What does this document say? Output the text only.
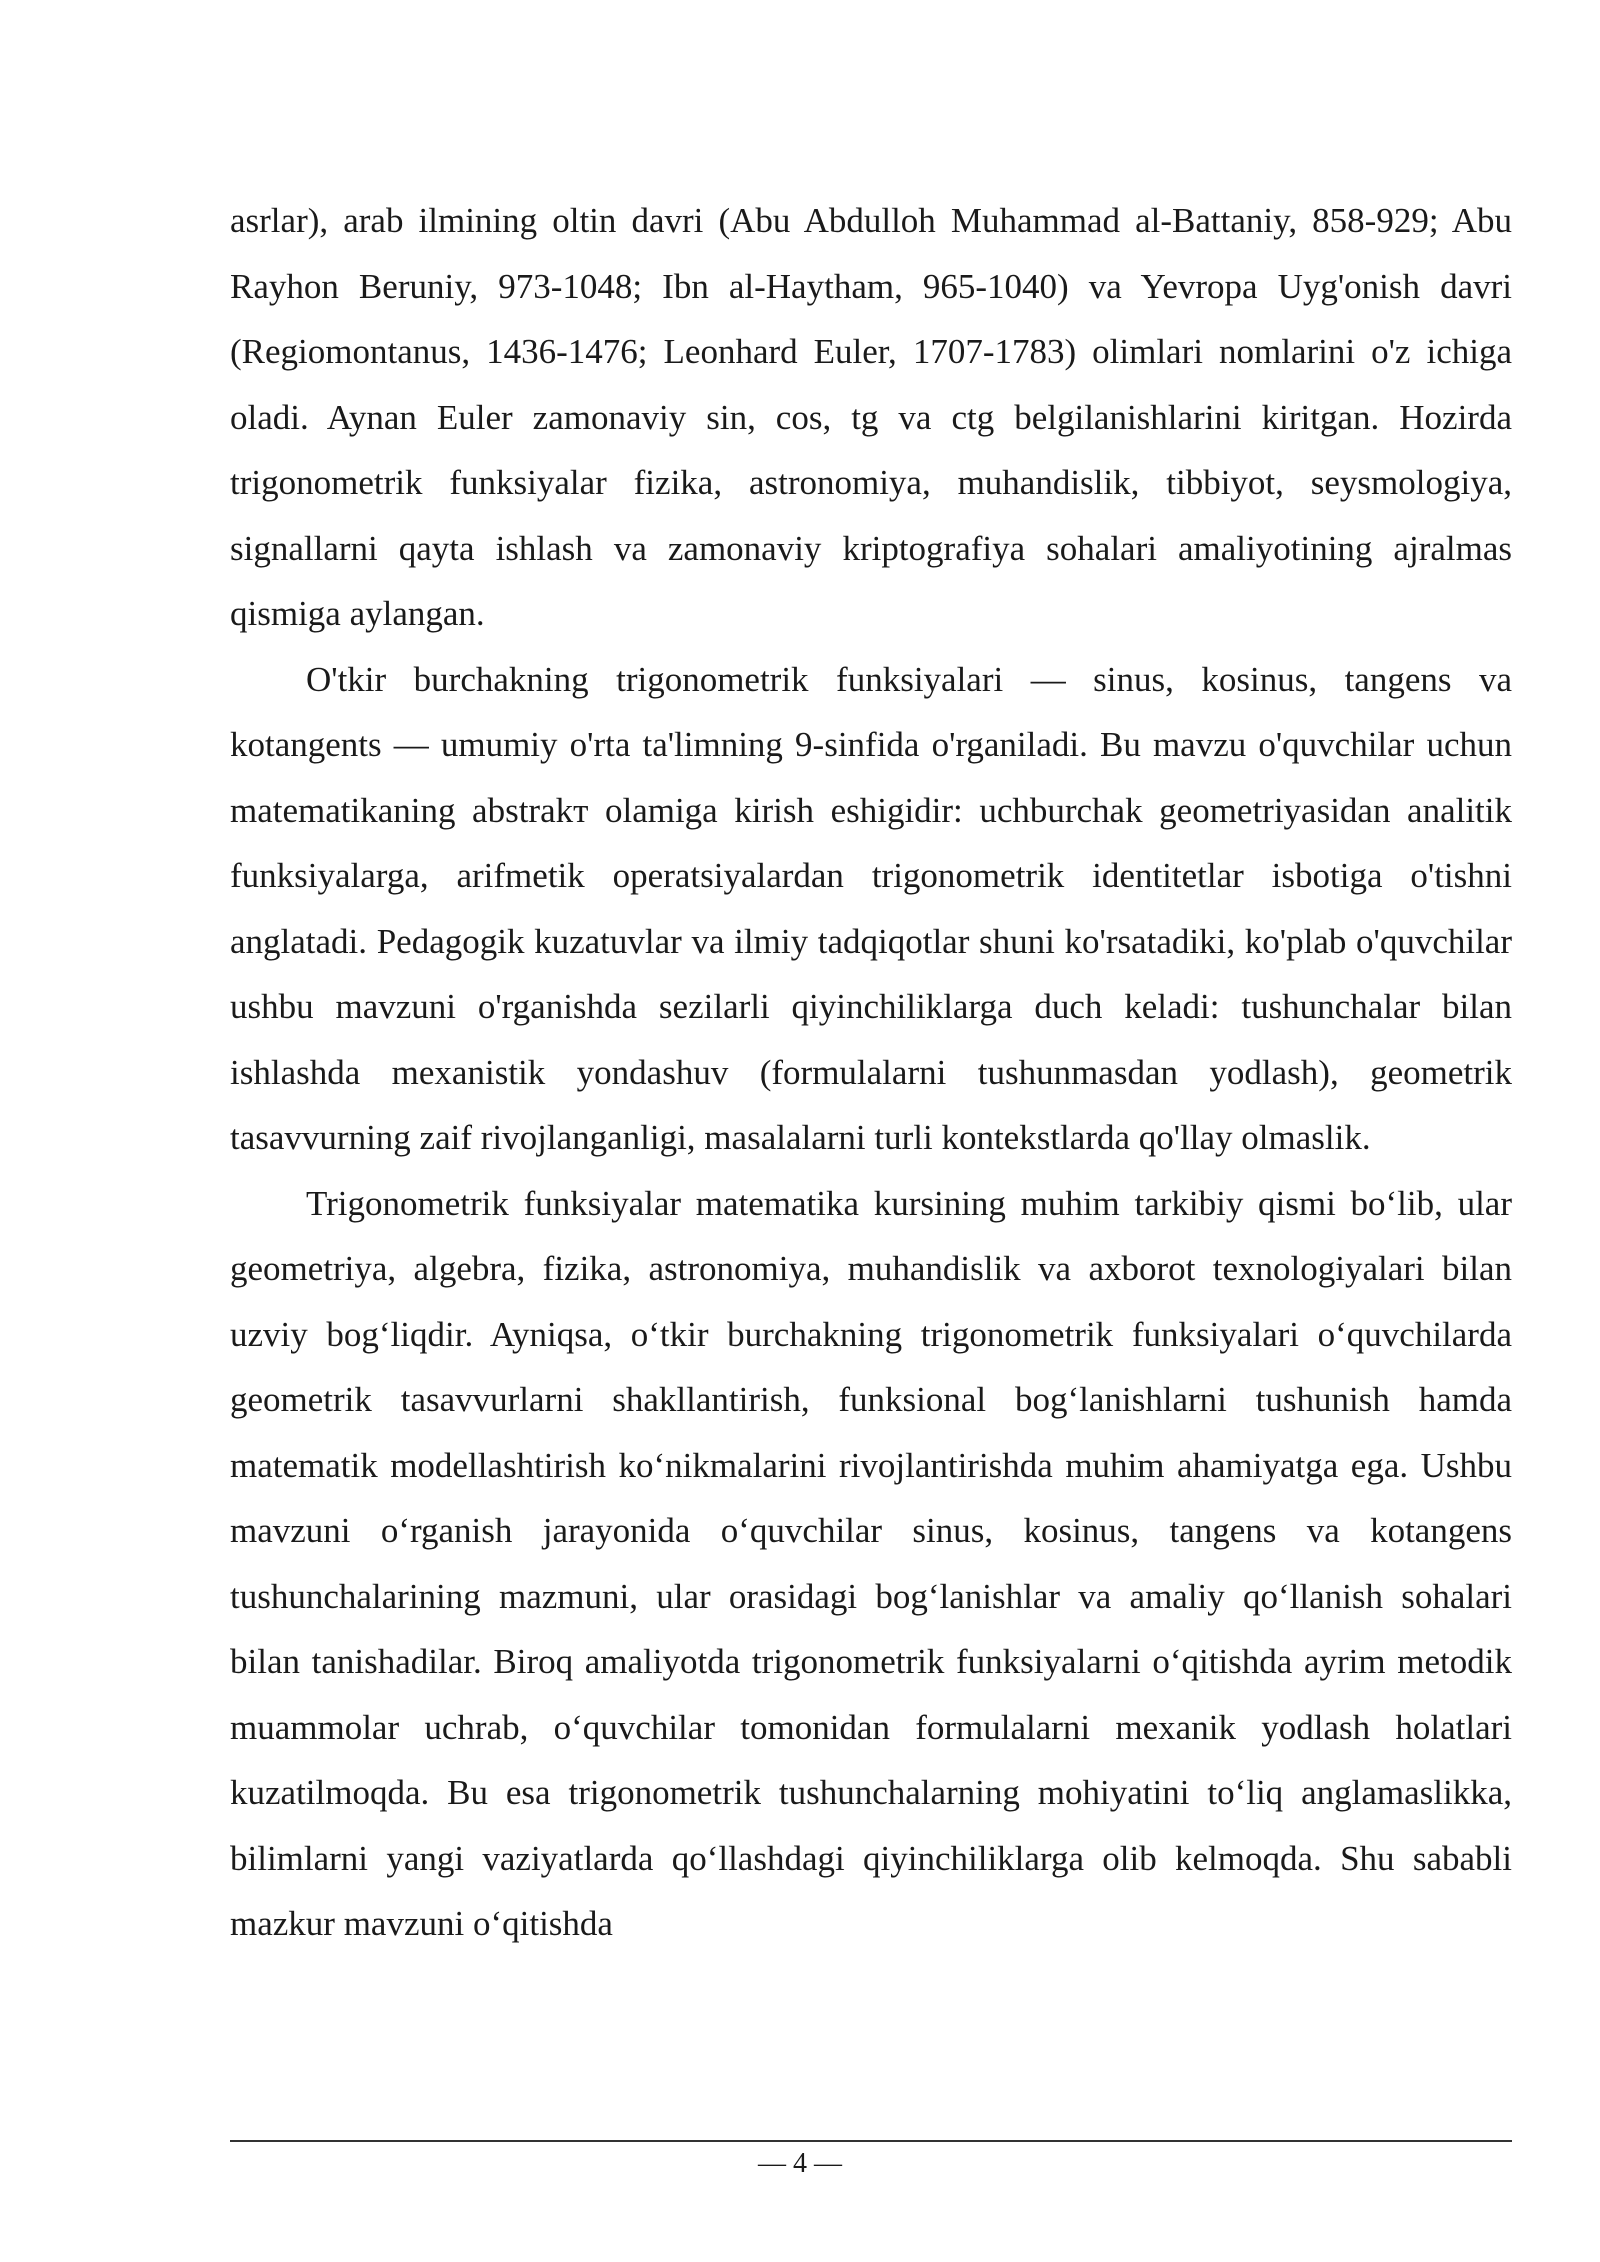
asrlar), arab ilmining oltin davri (Abu Abdulloh Muhammad al-Battaniy, 858-929; Abu Rayhon Beruniy, 973-1048; Ibn al-Haytham, 965-1040) va Yevropa Uyg'onish davri (Regiomontanus, 1436-1476; Leonhard Euler, 1707-1783) olimlari nomlarini o'z ichiga oladi. Aynan Euler zamonaviy sin, cos, tg va ctg belgilanishlarini kiritgan. Hozirda trigonometrik funksiyalar fizika, astronomiya, muhandislik, tibbiyot, seysmologiya, signallarni qayta ishlash va zamonaviy kriptografiya sohalari amaliyotining ajralmas qismiga aylangan.

O'tkir burchakning trigonometrik funksiyalari — sinus, kosinus, tangens va kotangents — umumiy o'rta ta'limning 9-sinfida o'rganiladi. Bu mavzu o'quvchilar uchun matematikaning abstrakт olamiga kirish eshigidir: uchburchak geometriyasidan analitik funksiyalarga, arifmetik operatsiyalardan trigonometrik identitetlar isbotiga o'tishni anglatadi. Pedagogik kuzatuvlar va ilmiy tadqiqotlar shuni ko'rsatadiki, ko'plab o'quvchilar ushbu mavzuni o'rganishda sezilarli qiyinchiliklarga duch keladi: tushunchalar bilan ishlashda mexanistik yondashuv (formulalarni tushunmasdan yodlash), geometrik tasavvurning zaif rivojlanganligi, masalalarni turli kontekstlarda qo'llay olmaslik.

Trigonometrik funksiyalar matematika kursining muhim tarkibiy qismi boʻlib, ular geometriya, algebra, fizika, astronomiya, muhandislik va axborot texnologiyalari bilan uzviy bogʻliqdir. Ayniqsa, oʻtkir burchakning trigonometrik funksiyalari oʻquvchilarda geometrik tasavvurlarni shakllantirish, funksional bogʻlanishlarni tushunish hamda matematik modellashtirish koʻnikmalarini rivojlantirishda muhim ahamiyatga ega. Ushbu mavzuni oʻrganish jarayonida oʻquvchilar sinus, kosinus, tangens va kotangens tushunchalarining mazmuni, ular orasidagi bogʻlanishlar va amaliy qoʻllanish sohalari bilan tanishadilar. Biroq amaliyotda trigonometrik funksiyalarni oʻqitishda ayrim metodik muammolar uchrab, oʻquvchilar tomonidan formulalarni mexanik yodlash holatlari kuzatilmoqda. Bu esa trigonometrik tushunchalarning mohiyatini toʻliq anglamaslikka, bilimlarni yangi vaziyatlarda qoʻllashdagi qiyinchiliklarga olib kelmoqda. Shu sababli mazkur mavzuni oʻqitishda

— 4 —
